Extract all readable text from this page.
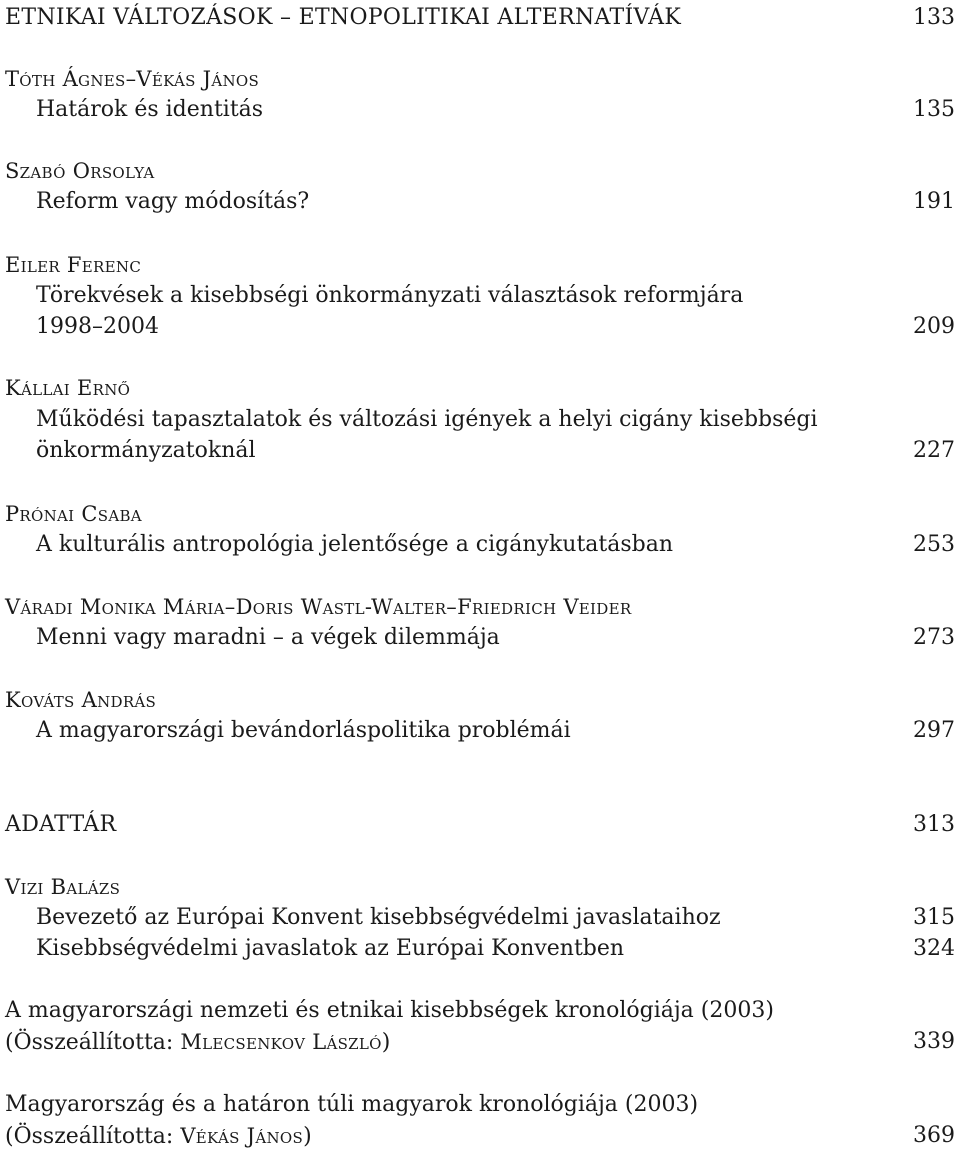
ETNIKAI VÁLTOZÁSOK – ETNOPOLITIKAI ALTERNATÍVÁK	133
Tóth Ágnes–Vékás János
Határok és identitás	135
Szabó Orsolya
Reform vagy módosítás?	191
Eiler Ferenc
Törekvések a kisebbségi önkormányzati választások reformjára
1998–2004	209
Kállai Ernő
Működési tapasztalatok és változási igények a helyi cigány kisebbségi
önkormányzatoknál	227
Prónai Csaba
A kulturális antropológia jelentősége a cigánykutatásban	253
Váradi Monika Mária–Doris Wastl-Walter–Friedrich Veider
Menni vagy maradni – a végek dilemmája	273
Kováts András
A magyarországi bevándorláspolitika problémái	297
ADATTÁR	313
Vizi Balázs
Bevezető az Európai Konvent kisebbségvédelmi javaslataihoz	315
Kisebbségvédelmi javaslatok az Európai Konventben	324
A magyarországi nemzeti és etnikai kisebbségek kronológiája (2003)
(Összeállította: Mlecsenkov László)	339
Magyarország és a határon túli magyarok kronológiája (2003)
(Összeállította: Vékás János)	369
